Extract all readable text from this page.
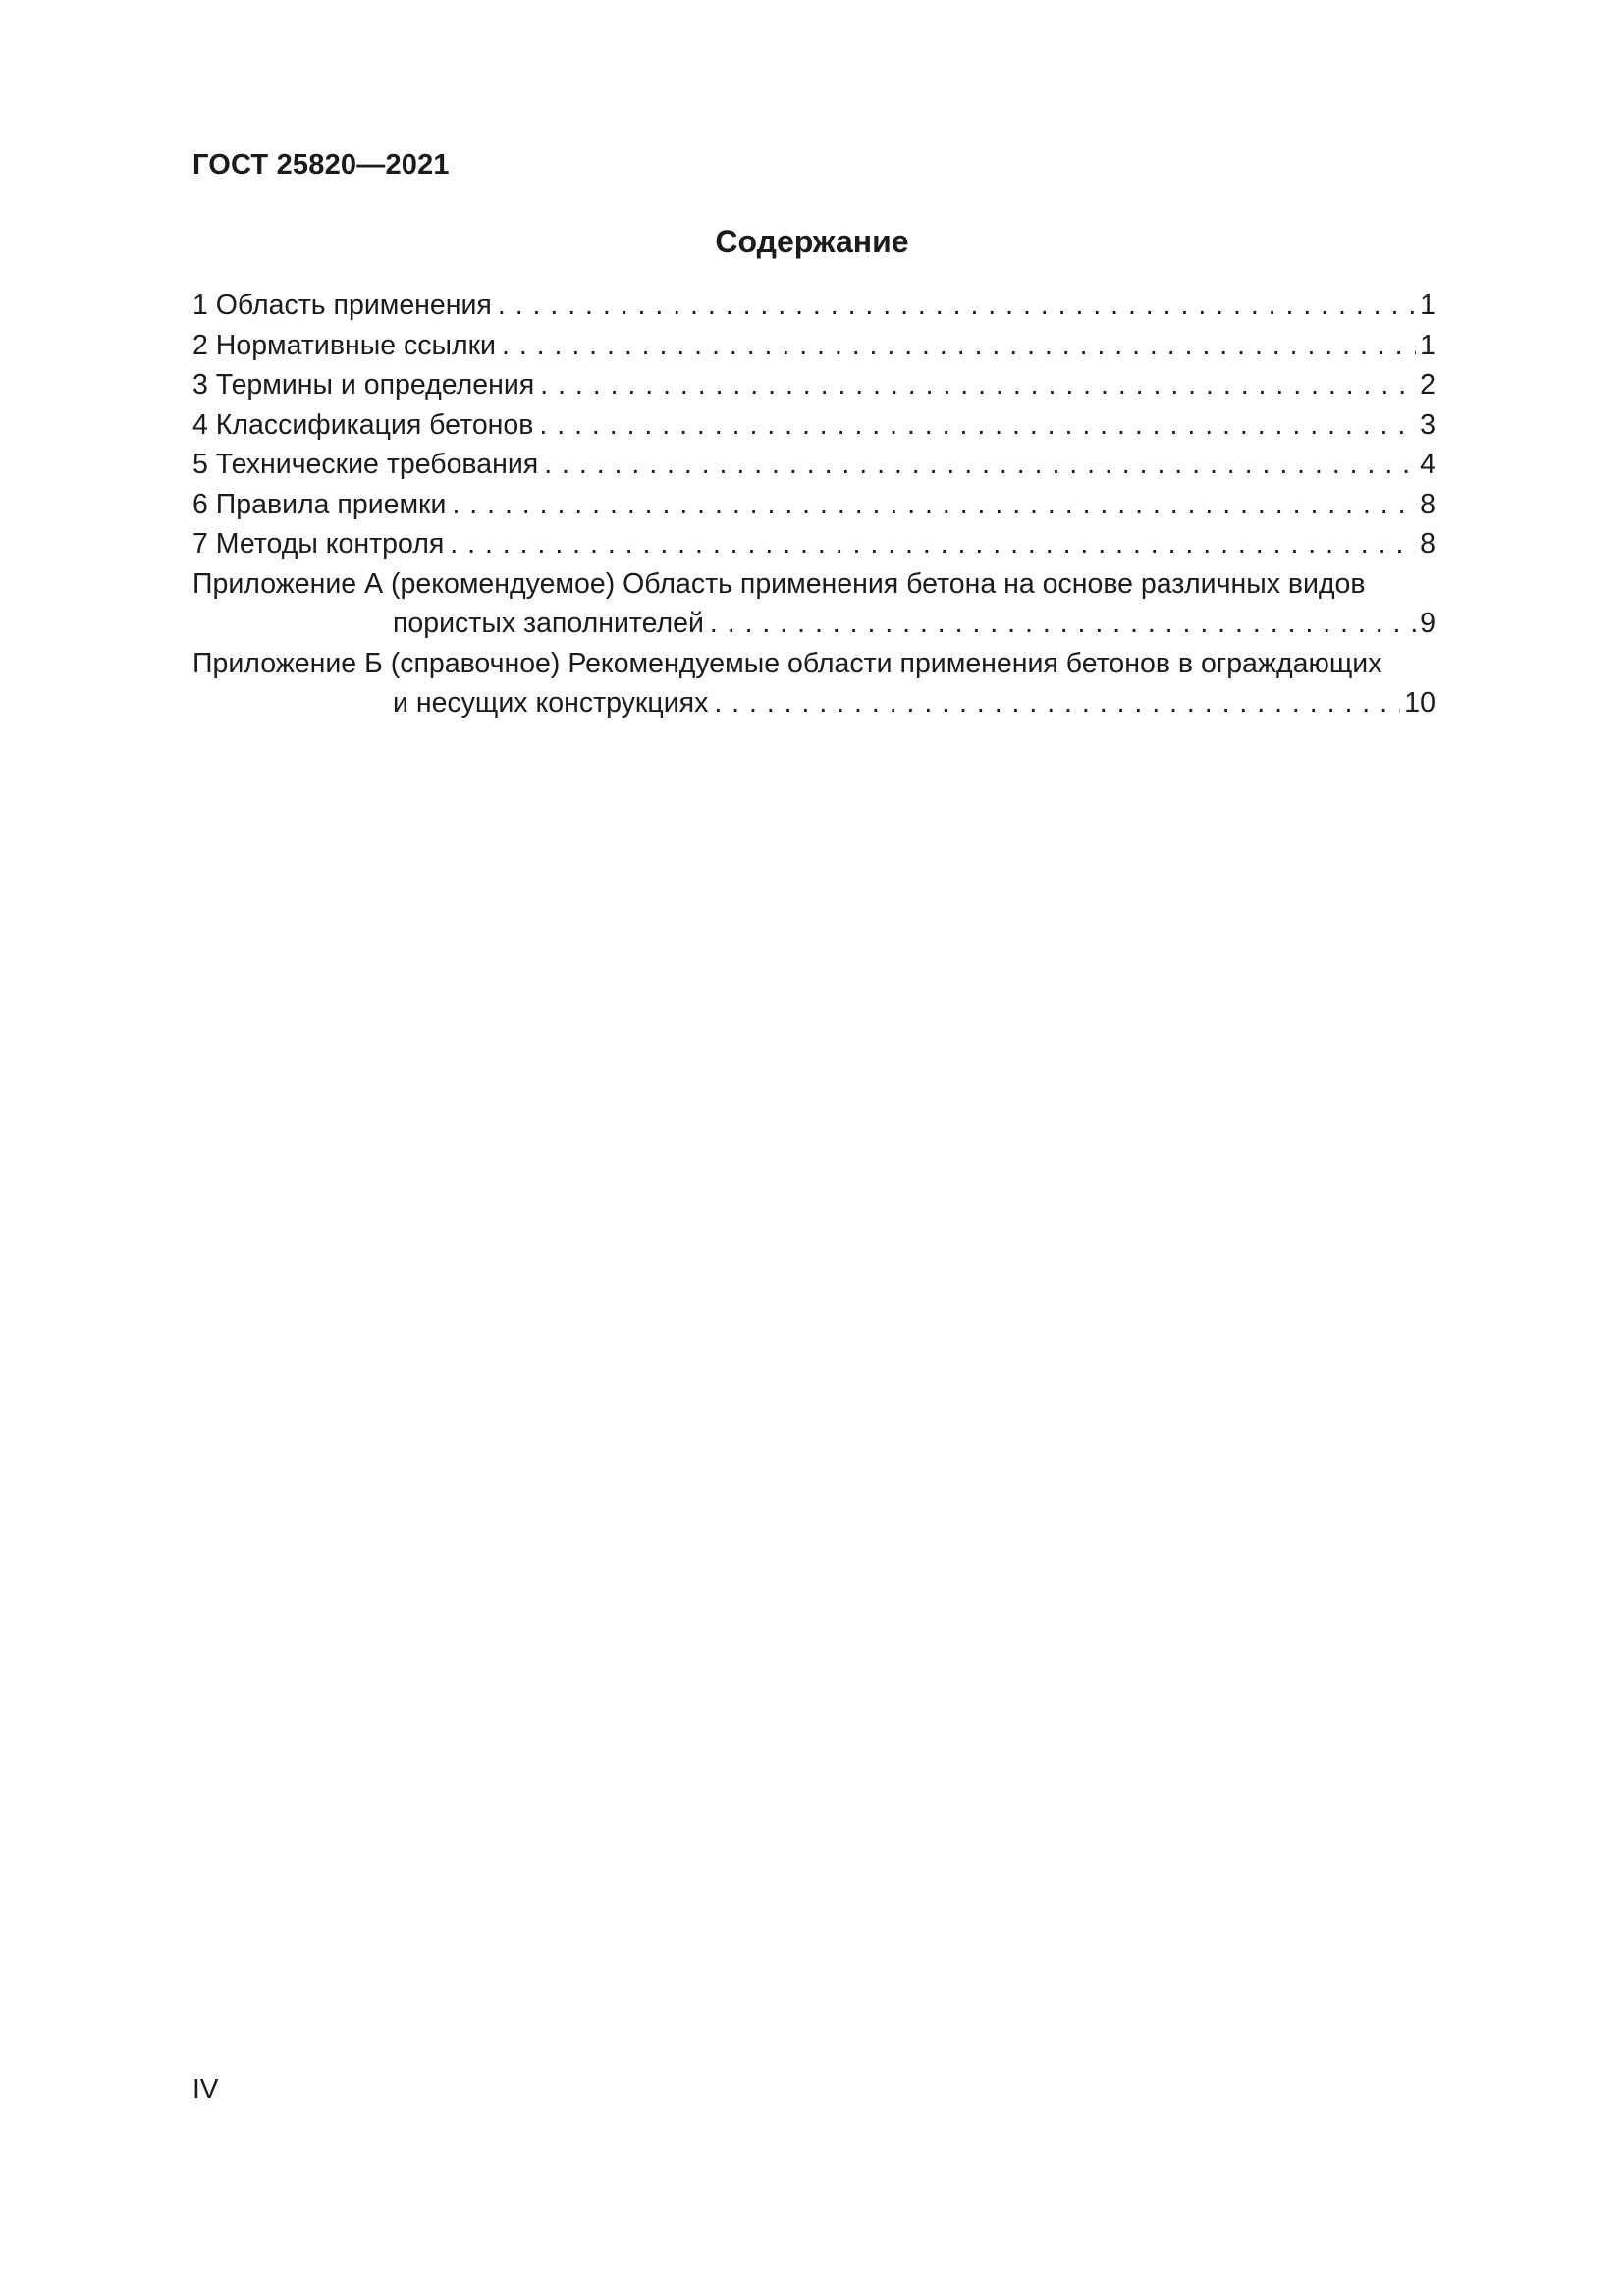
ГОСТ 25820—2021
Содержание
1 Область применения . . .	1
2 Нормативные ссылки . . .	1
3 Термины и определения . . .	2
4 Классификация бетонов . . .	3
5 Технические требования . . .	4
6 Правила приемки . . .	8
7 Методы контроля . . .	8
Приложение А (рекомендуемое) Область применения бетона на основе различных видов
пористых заполнителей . . .	9
Приложение Б (справочное) Рекомендуемые области применения бетонов в ограждающих
и несущих конструкциях . . .	10
IV
